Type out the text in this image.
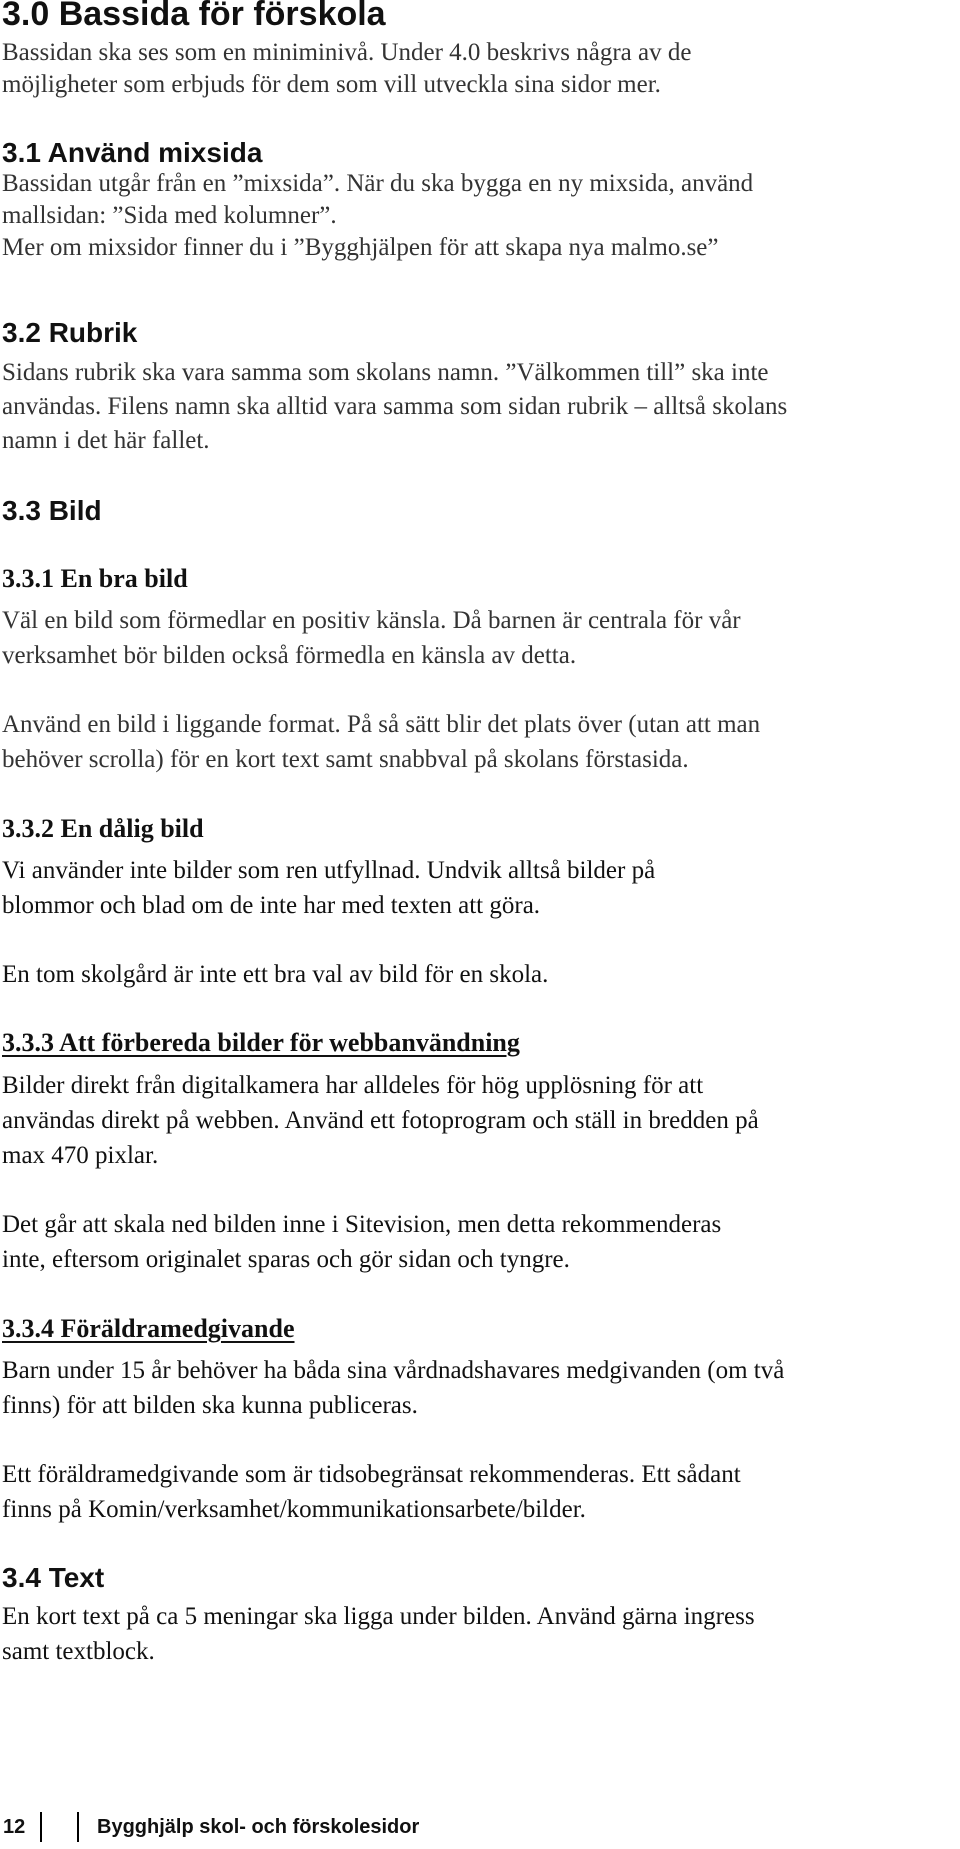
3.0 Bassida för förskola

Bassidan ska ses som en miniminivå. Under 4.0 beskrivs några av de

möjligheter som erbjuds för dem som vill utveckla sina sidor mer.

3.1 Använd mixsida

Bassidan utgår från en ”mixsida”. När du ska bygga en ny mixsida, använd

mallsidan: ”Sida med kolumner”.

Mer om mixsidor finner du i ”Bygghjälpen för att skapa nya malmo.se”

3.2 Rubrik

Sidans rubrik ska vara samma som skolans namn. ”Välkommen till” ska inte

användas. Filens namn ska alltid vara samma som sidan rubrik – alltså skolans

namn i det här fallet.

3.3 Bild
3.3.1 En bra bild

Väl en bild som förmedlar en positiv känsla. Då barnen är centrala för vår

verksamhet bör bilden också förmedla en känsla av detta.

Använd en bild i liggande format. På så sätt blir det plats över (utan att man

behöver scrolla) för en kort text samt snabbval på skolans förstasida.

3.3.2 En dålig bild

Vi använder inte bilder som ren utfyllnad. Undvik alltså bilder på

blommor och blad om de inte har med texten att göra.

En tom skolgård är inte ett bra val av bild för en skola.

3.3.3 Att förbereda bilder för webbanvändning

Bilder direkt från digitalkamera har alldeles för hög upplösning för att

användas direkt på webben. Använd ett fotoprogram och ställ in bredden på

max 470 pixlar.

Det går att skala ned bilden inne i Sitevision, men detta rekommenderas

inte, eftersom originalet sparas och gör sidan och tyngre.

3.3.4 Föräldramedgivande

Barn under 15 år behöver ha båda sina vårdnadshavares medgivanden (om två

finns) för att bilden ska kunna publiceras.

Ett föräldramedgivande som är tidsobegränsat rekommenderas. Ett sådant

finns på Komin/verksamhet/kommunikationsarbete/bilder.

3.4 Text

En kort text på ca 5 meningar ska ligga under bilden. Använd gärna ingress

samt textblock.

12	Bygghjälp skol- och förskolesidor
